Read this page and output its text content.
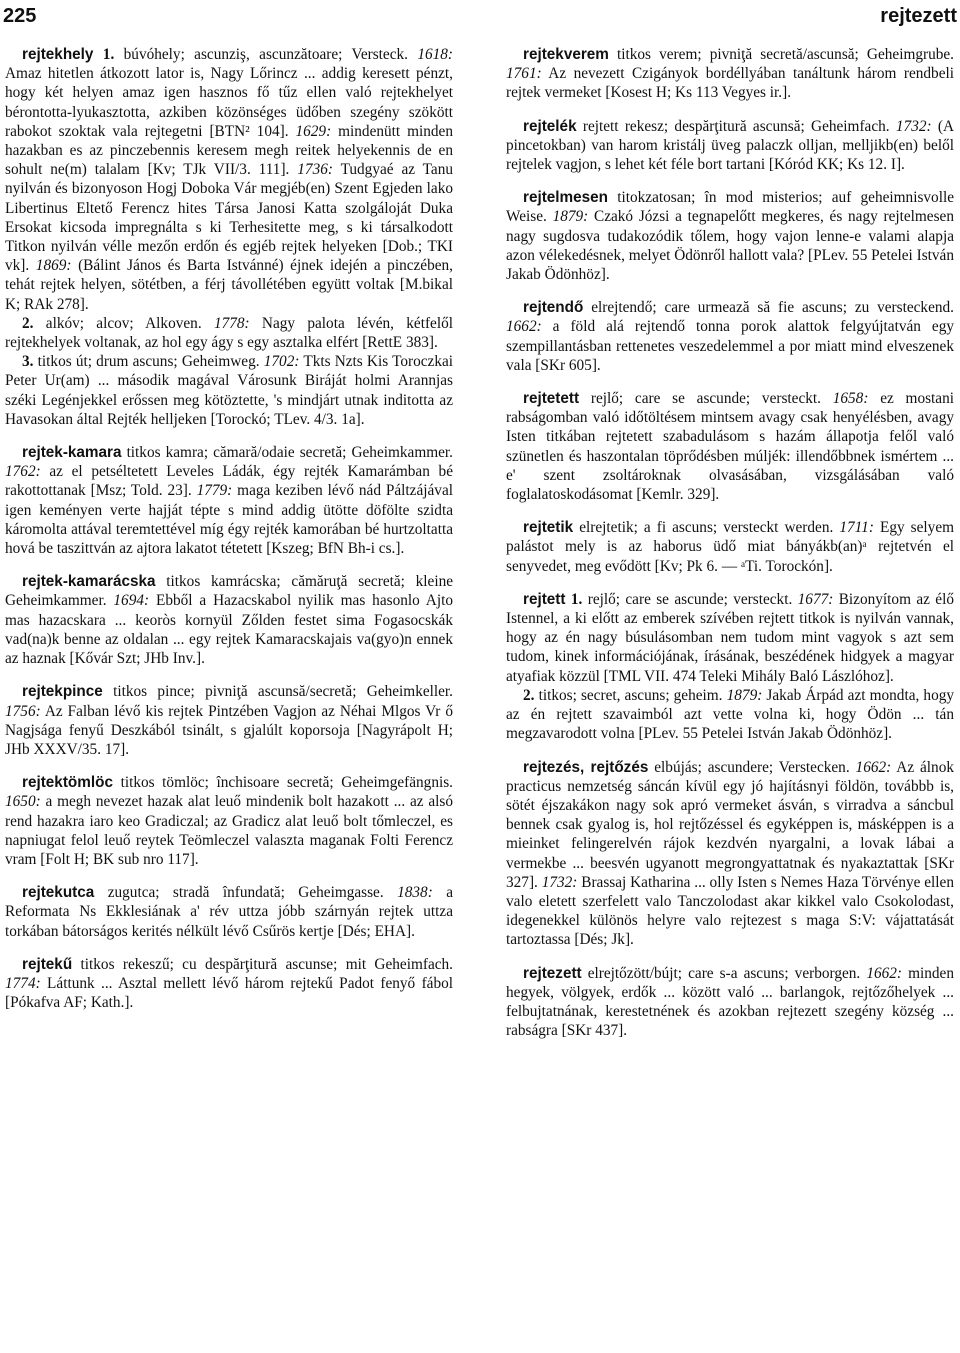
225	rejtezett

rejtekhely 1. búvóhely; ascunziş, ascunzătoare; Versteck. 1618: Amaz hitetlen átkozott lator is, Nagy Lőrincz ... addig keresett pénzt, hogy két helyen amaz igen hasznos fő tűz ellen való rejtekhelyet bérontotta-lyukasztotta, azkiben közönséges üdőben szegény szökött rabokot szoktak vala rejtegetni [BTN² 104]. 1629: mindenütt minden hazakban es az pinczebennis keresem megh reitek helyekennis de en sohult ne(m) talalam [Kv; TJk VII/3. 111]. 1736: Tudgyaé az Tanu nyilván és bizonyoson Hogj Doboka Vár megjéb(en) Szent Egjeden lako Libertinus Eltető Ferencz hites Társa Janosi Katta szolgáloját Duka Ersokat kicsoda impregnálta s ki Terhesitette meg, s ki társalkodott Titkon nyilván vélle mezőn erdőn és egjéb rejtek helyeken [Dob.; TKI vk]. 1869: (Bálint János és Barta Istvánné) éjnek idején a pinczében, tehát rejtek helyen, sötétben, a férj távollétében együtt voltak [M.bikal K; RAk 278].

2. alkóv; alcov; Alkoven. 1778: Nagy palota lévén, kétfelől rejtekhelyek voltanak, az hol egy ágy s egy asztalka elfért [RettE 383].

3. titkos út; drum ascuns; Geheimweg. 1702: Tkts Nzts Kis Toroczkai Peter Ur(am) ... második magával Városunk Biráját holmi Arannjas széki Legénjekkel erőssen meg kötöztette, 's mindjárt utnak inditotta az Havasokan által Rejték helljeken [Torockó; TLev. 4/3. 1a].

rejtek-kamara titkos kamra; cămară/odaie secretă; Geheimkammer. 1762: az el petséltetett Leveles Ládák, égy rejték Kamarámban bé rakottottanak [Msz; Told. 23]. 1779: maga keziben lévő nád Páltzájával igen keményen verte hajját tépte s mind addig ütötte döfölte szidta káromolta attával teremtettével míg égy rejték kamorában bé hurtzoltatta hová be taszittván az ajtora lakatot tétetett [Kszeg; BfN Bh-i cs.].

rejtek-kamarácska titkos kamrácska; cămăruţă secretă; kleine Geheimkammer. 1694: Ebből a Hazacskabol nyilik mas hasonlo Ajto mas hazacskara ... keoròs kornyül Zőlden festet sima Fogasocskák vad(na)k benne az oldalan ... egy rejtek Kamaracskajais va(gyo)n ennek az haznak [Kővár Szt; JHb Inv.].

rejtekpince titkos pince; pivniţă ascunsă/secretă; Geheimkeller. 1756: Az Falban lévő kis rejtek Pintzében Vagjon az Néhai Mlgos Vr ő Nagjsága fenyű Deszkából tsinált, s gjalúlt koporsoja [Nagyrápolt H; JHb XXXV/35. 17].

rejtektömlöc titkos tömlöc; închisoare secretă; Geheimgefängnis. 1650: a megh nevezet hazak alat leuő mindenik bolt hazakott ... az alsó rend hazakra iaro keo Gradiczal; az Gradicz alat leuő bolt tőmleczel, es napniugat felol leuő reytek Teömleczel valaszta maganak Folti Ferencz vram [Folt H; BK sub nro 117].

rejtekutca zugutca; stradă înfundată; Geheimgasse. 1838: a Reformata Ns Ekklesiának a' rév uttza jóbb szárnyán rejtek uttza torkában bátorságos kerités nélkült lévő Csűrös kertje [Dés; EHA].

rejtekű titkos rekeszű; cu despărţitură ascunse; mit Geheimfach. 1774: Láttunk ... Asztal mellett lévő három rejtekű Padot fenyő fábol [Pókafva AF; Kath.].

rejtekverem titkos verem; pivniţă secretă/ascunsă; Geheimgrube. 1761: Az nevezett Czigányok bordéllyában tanáltunk három rendbeli rejtek vermeket [Kosest H; Ks 113 Vegyes ir.].

rejtelék rejtett rekesz; despărţitură ascunsă; Geheimfach. 1732: (A pincetokban) van harom kristálj üveg palaczk olljan, melljikb(en) belől rejtelek vagjon, s lehet két féle bort tartani [Kóród KK; Ks 12. I].

rejtelmesen titokzatosan; în mod misterios; auf geheimnisvolle Weise. 1879: Czakó Józsi a tegnapelőtt megkeres, és nagy rejtelmesen nagy sugdosva tudakozódik tőlem, hogy vajon lenne-e valami alapja azon vélekedésnek, melyet Ödönről hallott vala? [PLev. 55 Petelei István Jakab Ödönhöz].

rejtendő elrejtendő; care urmează să fie ascuns; zu versteckend. 1662: a föld alá rejtendő tonna porok alattok felgyújtatván egy szempillantásban rettenetes veszedelemmel a por miatt mind elveszenek vala [SKr 605].

rejtetett rejlő; care se ascunde; versteckt. 1658: ez mostani rabságomban való időtöltésem mintsem avagy csak henyélésben, avagy Isten titkában rejtetett szabadulásom s hazám állapotja felől való szünetlen és haszontalan töprődésben múljék: illendőbbnek ismértem ... e' szent zsoltároknak olvasásában, vizsgálásában való foglalatoskodásomat [Kemlr. 329].

rejtetik elrejtetik; a fi ascuns; versteckt werden. 1711: Egy selyem palástot mely is az haborus üdő miat bányákb(an)ᵃ rejtetvén el senyvedet, meg evődött [Kv; Pk 6. — ᵃTi. Torockón].

rejtett 1. rejlő; care se ascunde; versteckt. 1677: Bizonyítom az élő Istennel, a ki előtt az emberek szívében rejtett titkok is nyilván vannak, hogy az én nagy búsulásomban nem tudom mint vagyok s azt sem tudom, kinek információjának, írásának, beszédének hidgyek a magyar atyafiak közzül [TML VII. 474 Teleki Mihály Baló Lászlóhoz].

2. titkos; secret, ascuns; geheim. 1879: Jakab Árpád azt mondta, hogy az én rejtett szavaimból azt vette volna ki, hogy Ödön ... tán megzavarodott volna [PLev. 55 Petelei István Jakab Ödönhöz].

rejtezés, rejtőzés elbújás; ascundere; Verstecken. 1662: Az álnok practicus nemzetség sáncán kívül egy jó hajításnyi földön, továbbb is, sötét éjszakákon nagy sok apró vermeket ásván, s virradva a sáncbul bennek csak gyalog is, hol rejtőzéssel és egyképpen is, másképpen is a mieinket felingerelvén rájok kezdvén nyargalni, a lovak lábai a vermekbe ... beesvén ugyanott megrongyattatnak és nyakaztattak [SKr 327]. 1732: Brassaj Katharina ... olly Isten s Nemes Haza Törvénye ellen valo eletett szerfelett valo Tanczolodast akar kikkel valo Csokolodast, idegenekkel különös helyre valo rejtezest s maga S:V: vájattatását tartoztassa [Dés; Jk].

rejtezett elrejtőzött/bújt; care s-a ascuns; verborgen. 1662: minden hegyek, völgyek, erdők ... között való ... barlangok, rejtőzőhelyek ... felbujtatnának, kerestetnének és azokban rejtezett szegény község ... rabságra [SKr 437].
